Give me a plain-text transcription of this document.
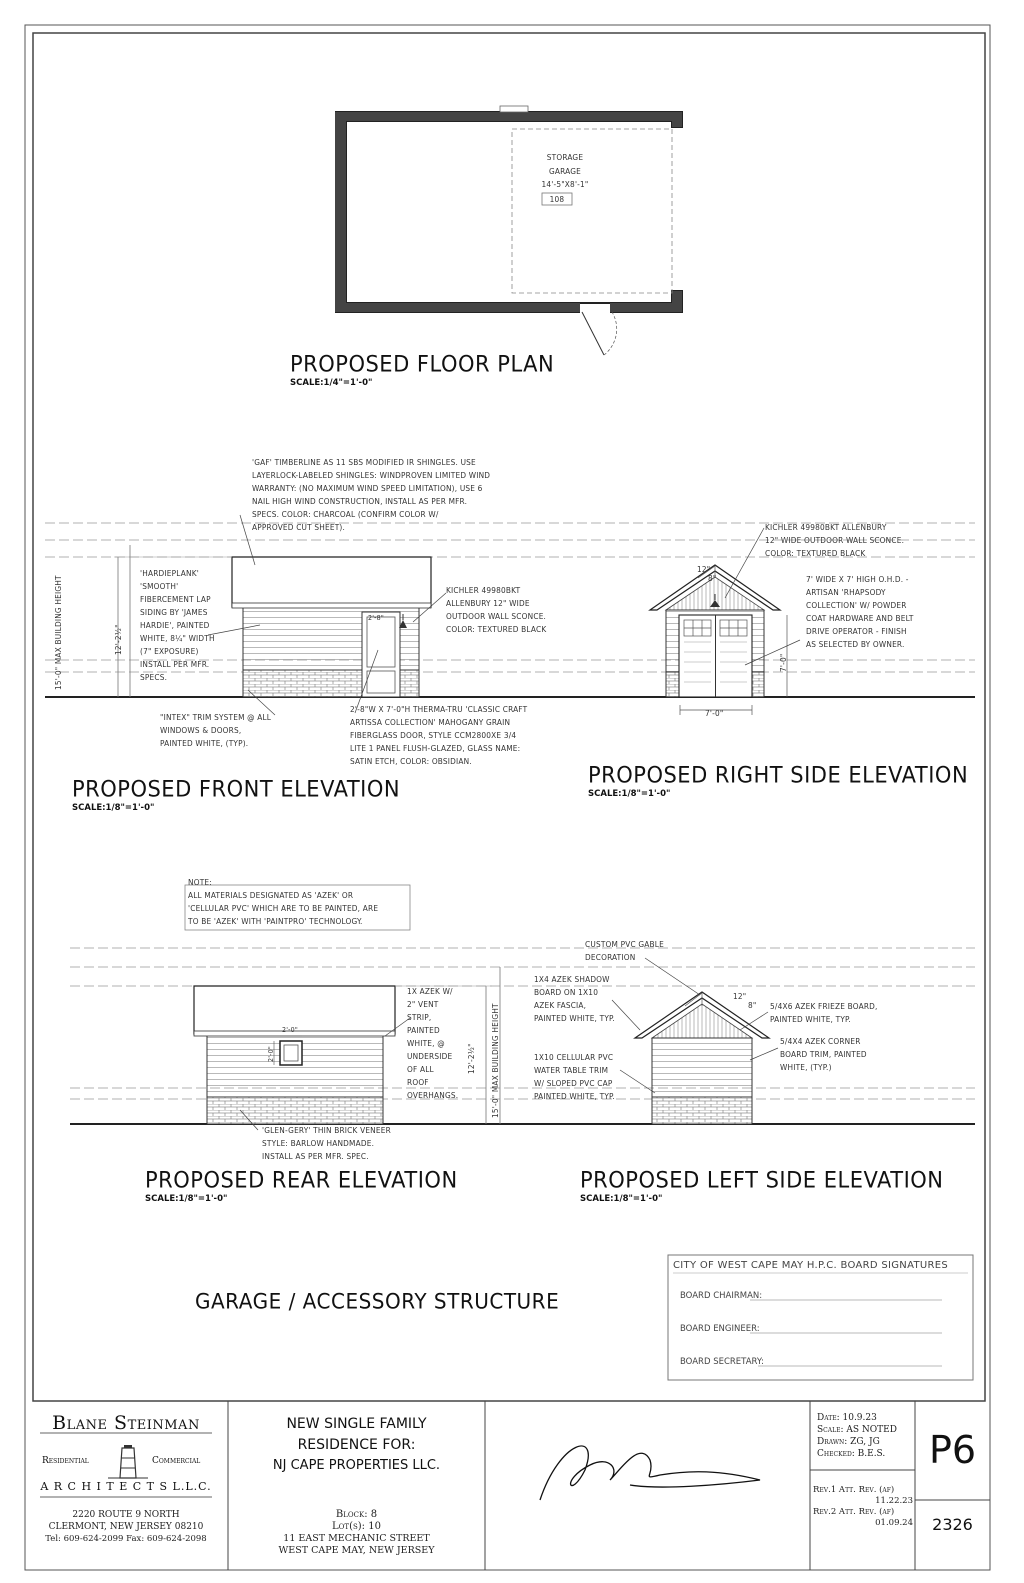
STORAGE
GARAGE
14'-5"X8'-1"
108
PROPOSED FLOOR PLAN
SCALE:1/4"=1'-0"
'GAF' TIMBERLINE AS 11 SBS MODIFIED IR SHINGLES. USE
LAYERLOCK-LABELED SHINGLES: WINDPROVEN LIMITED WIND
WARRANTY: (NO MAXIMUM WIND SPEED LIMITATION), USE 6
NAIL HIGH WIND CONSTRUCTION, INSTALL AS PER MFR.
SPECS. COLOR: CHARCOAL (CONFIRM COLOR W/
APPROVED CUT SHEET).
'HARDIEPLANK'
'SMOOTH'
FIBERCEMENT LAP
SIDING BY 'JAMES
HARDIE', PAINTED
WHITE, 8¼" WIDTH
(7" EXPOSURE)
INSTALL PER MFR.
SPECS.
KICHLER 49980BKT
ALLENBURY 12" WIDE
OUTDOOR WALL SCONCE.
COLOR: TEXTURED BLACK
"INTEX" TRIM SYSTEM @ ALL
WINDOWS & DOORS,
PAINTED WHITE, (TYP).
2'-8"W X 7'-0"H THERMA-TRU 'CLASSIC CRAFT
ARTISSA COLLECTION' MAHOGANY GRAIN
FIBERGLASS DOOR, STYLE CCM2800XE 3/4
LITE 1 PANEL FLUSH-GLAZED, GLASS NAME:
SATIN ETCH, COLOR: OBSIDIAN.
15'-0" MAX BUILDING HEIGHT	12'-2½"
2'-8"
PROPOSED FRONT ELEVATION
SCALE:1/8"=1'-0"
KICHLER 49980BKT ALLENBURY
12" WIDE OUTDOOR WALL SCONCE.
COLOR: TEXTURED BLACK
7' WIDE X 7' HIGH O.H.D. -
ARTISAN 'RHAPSODY
COLLECTION' W/ POWDER
COAT HARDWARE AND BELT
DRIVE OPERATOR - FINISH
AS SELECTED BY OWNER.
12"
8"
7'-0"
7'-0"
PROPOSED RIGHT SIDE ELEVATION
SCALE:1/8"=1'-0"
NOTE:
ALL MATERIALS DESIGNATED AS 'AZEK' OR
'CELLULAR PVC' WHICH ARE TO BE PAINTED, ARE
TO BE 'AZEK' WITH 'PAINTPRO' TECHNOLOGY.
1X AZEK W/
2" VENT
STRIP,
PAINTED
WHITE, @
UNDERSIDE
OF ALL
ROOF
OVERHANGS.
'GLEN-GERY' THIN BRICK VENEER
STYLE: BARLOW HANDMADE.
INSTALL AS PER MFR. SPEC.
2'-0"
2'-0"	12'-2½" 15'-0" MAX BUILDING HEIGHT
PROPOSED REAR ELEVATION
SCALE:1/8"=1'-0"
CUSTOM PVC GABLE
DECORATION
1X4 AZEK SHADOW
BOARD ON 1X10
AZEK FASCIA,
PAINTED WHITE, TYP.
1X10 CELLULAR PVC
WATER TABLE TRIM
W/ SLOPED PVC CAP
PAINTED WHITE, TYP.
5/4X6 AZEK FRIEZE BOARD,
PAINTED WHITE, TYP.
5/4X4 AZEK CORNER
BOARD TRIM, PAINTED
WHITE, (TYP.)
12"
8"
PROPOSED LEFT SIDE ELEVATION
SCALE:1/8"=1'-0"
GARAGE / ACCESSORY STRUCTURE
CITY OF WEST CAPE MAY H.P.C. BOARD SIGNATURES
BOARD CHAIRMAN:
BOARD ENGINEER:
BOARD SECRETARY:
Blane Steinman
Residential	Commercial
A R C H I T E C T S L.L.C.
2220 ROUTE 9 NORTH
CLERMONT, NEW JERSEY 08210
Tel: 609-624-2099 Fax: 609-624-2098
NEW SINGLE FAMILY
RESIDENCE FOR:
NJ CAPE PROPERTIES LLC.
Block: 8
Lot(s): 10
11 EAST MECHANIC STREET
WEST CAPE MAY, NEW JERSEY
Date: 10.9.23
Scale: AS NOTED
Drawn: ZG, JG
Checked: B.E.S.
Rev.1 Att. Rev. (af)
11.22.23
Rev.2 Att. Rev. (af)
01.09.24
P6
2326
